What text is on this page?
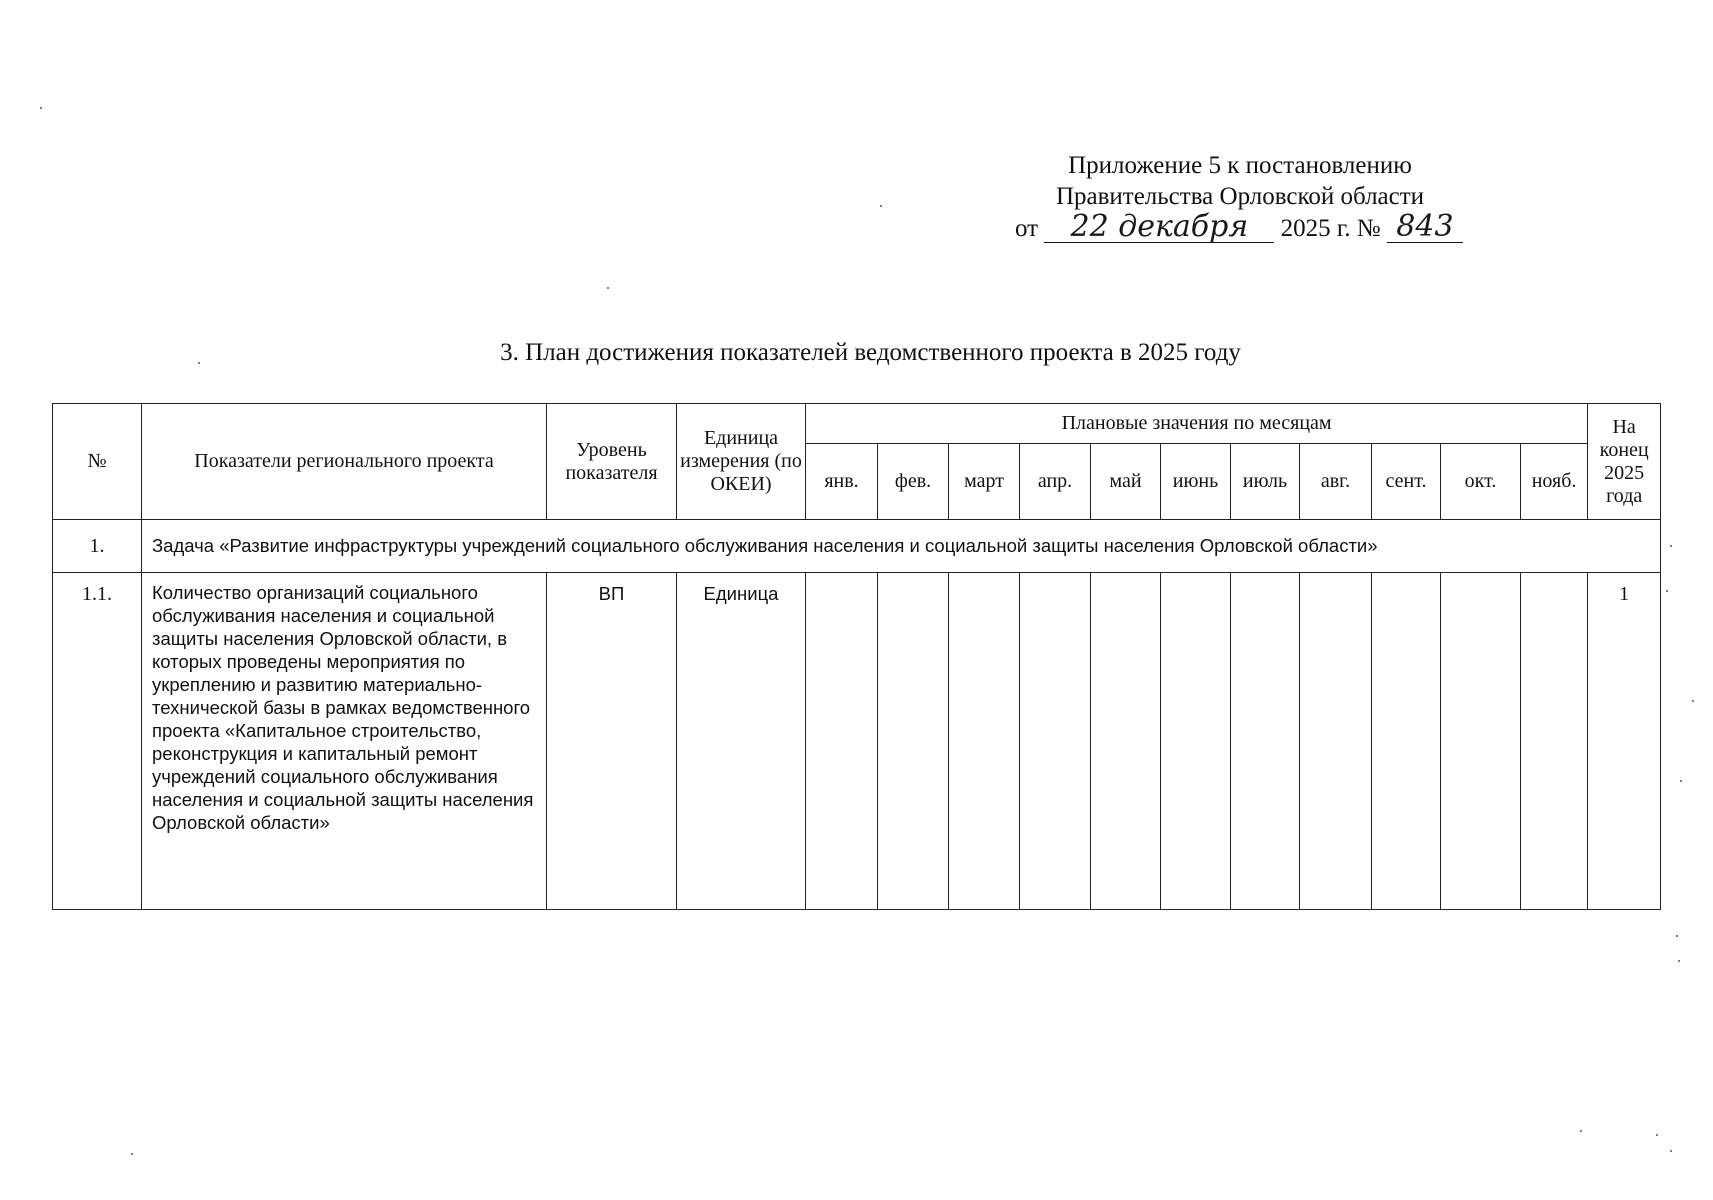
Приложение 5 к постановлению
Правительства Орловской области
от 22 декабря 2025 г. № 843
3. План достижения показателей ведомственного проекта в 2025 году
№	Показатели регионального проекта	Уровень показателя	Единица измерения (по ОКЕИ)	Плановые значения по месяцам											На конец 2025 года
				янв.	фев.	март	апр.	май	июнь	июль	авг.	сент.	окт.	нояб.	
1.	Задача «Развитие инфраструктуры учреждений социального обслуживания населения и социальной защиты населения Орловской области»														
1.1.	Количество организаций социального обслуживания населения и социальной защиты населения Орловской области, в которых проведены мероприятия по укреплению и развитию материально-технической базы в рамках ведомственного проекта «Капитальное строительство, реконструкция и капитальный ремонт учреждений социального обслуживания населения и социальной защиты населения Орловской области»	ВП	Единица												1
